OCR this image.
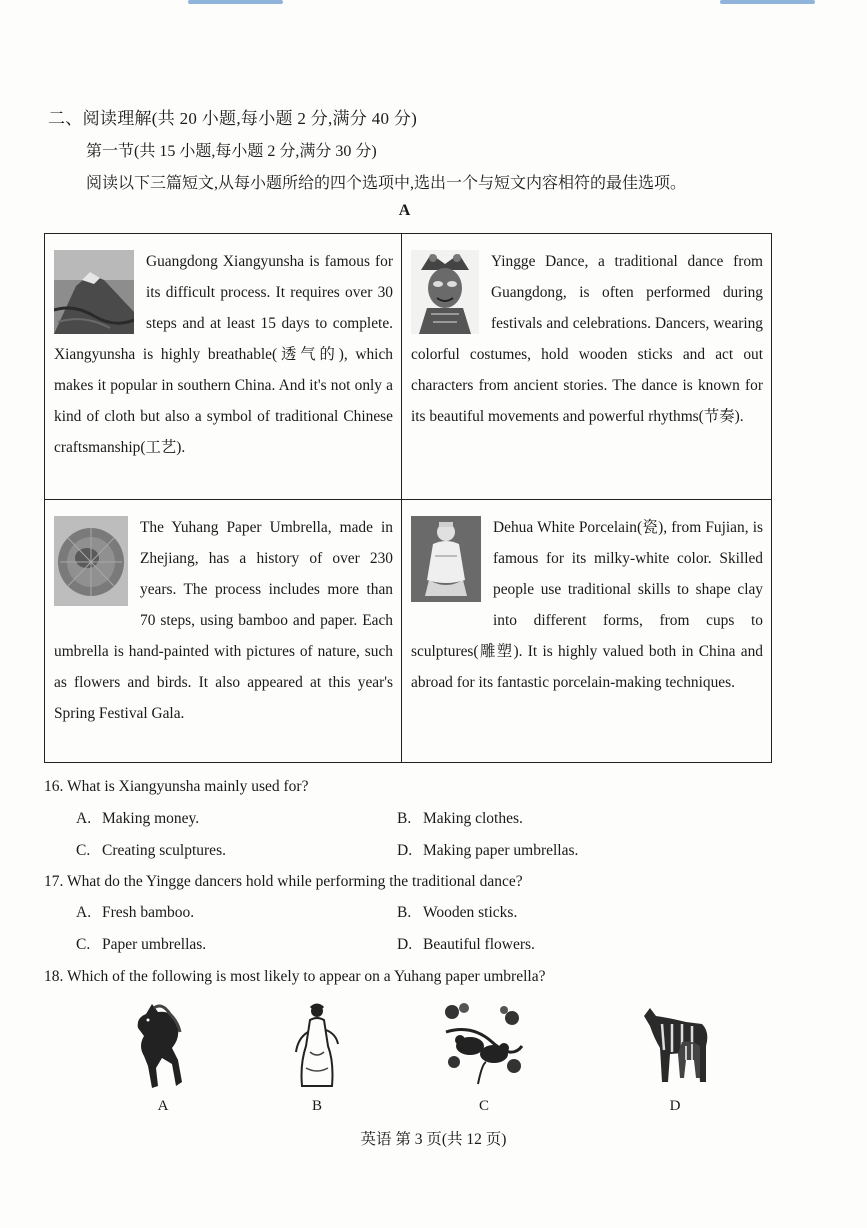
二、阅读理解(共 20 小题,每小题 2 分,满分 40 分)
第一节(共 15 小题,每小题 2 分,满分 30 分)
阅读以下三篇短文,从每小题所给的四个选项中,选出一个与短文内容相符的最佳选项。
A
Guangdong Xiangyunsha is famous for its difficult process. It requires over 30 steps and at least 15 days to complete. Xiangyunsha is highly breathable(透气的), which makes it popular in southern China. And it's not only a kind of cloth but also a symbol of traditional Chinese craftsmanship(工艺).
Yingge Dance, a traditional dance from Guangdong, is often performed during festivals and celebrations. Dancers, wearing colorful costumes, hold wooden sticks and act out characters from ancient stories. The dance is known for its beautiful movements and powerful rhythms(节奏).
The Yuhang Paper Umbrella, made in Zhejiang, has a history of over 230 years. The process includes more than 70 steps, using bamboo and paper. Each umbrella is hand-painted with pictures of nature, such as flowers and birds. It also appeared at this year's Spring Festival Gala.
Dehua White Porcelain(瓷), from Fujian, is famous for its milky-white color. Skilled people use traditional skills to shape clay into different forms, from cups to sculptures(雕塑). It is highly valued both in China and abroad for its fantastic porcelain-making techniques.
16. What is Xiangyunsha mainly used for?
A. Making money.	B. Making clothes.
C. Creating sculptures.	D. Making paper umbrellas.
17. What do the Yingge dancers hold while performing the traditional dance?
A. Fresh bamboo.	B. Wooden sticks.
C. Paper umbrellas.	D. Beautiful flowers.
18. Which of the following is most likely to appear on a Yuhang paper umbrella?
A	B	C	D
英语 第 3 页(共 12 页)
